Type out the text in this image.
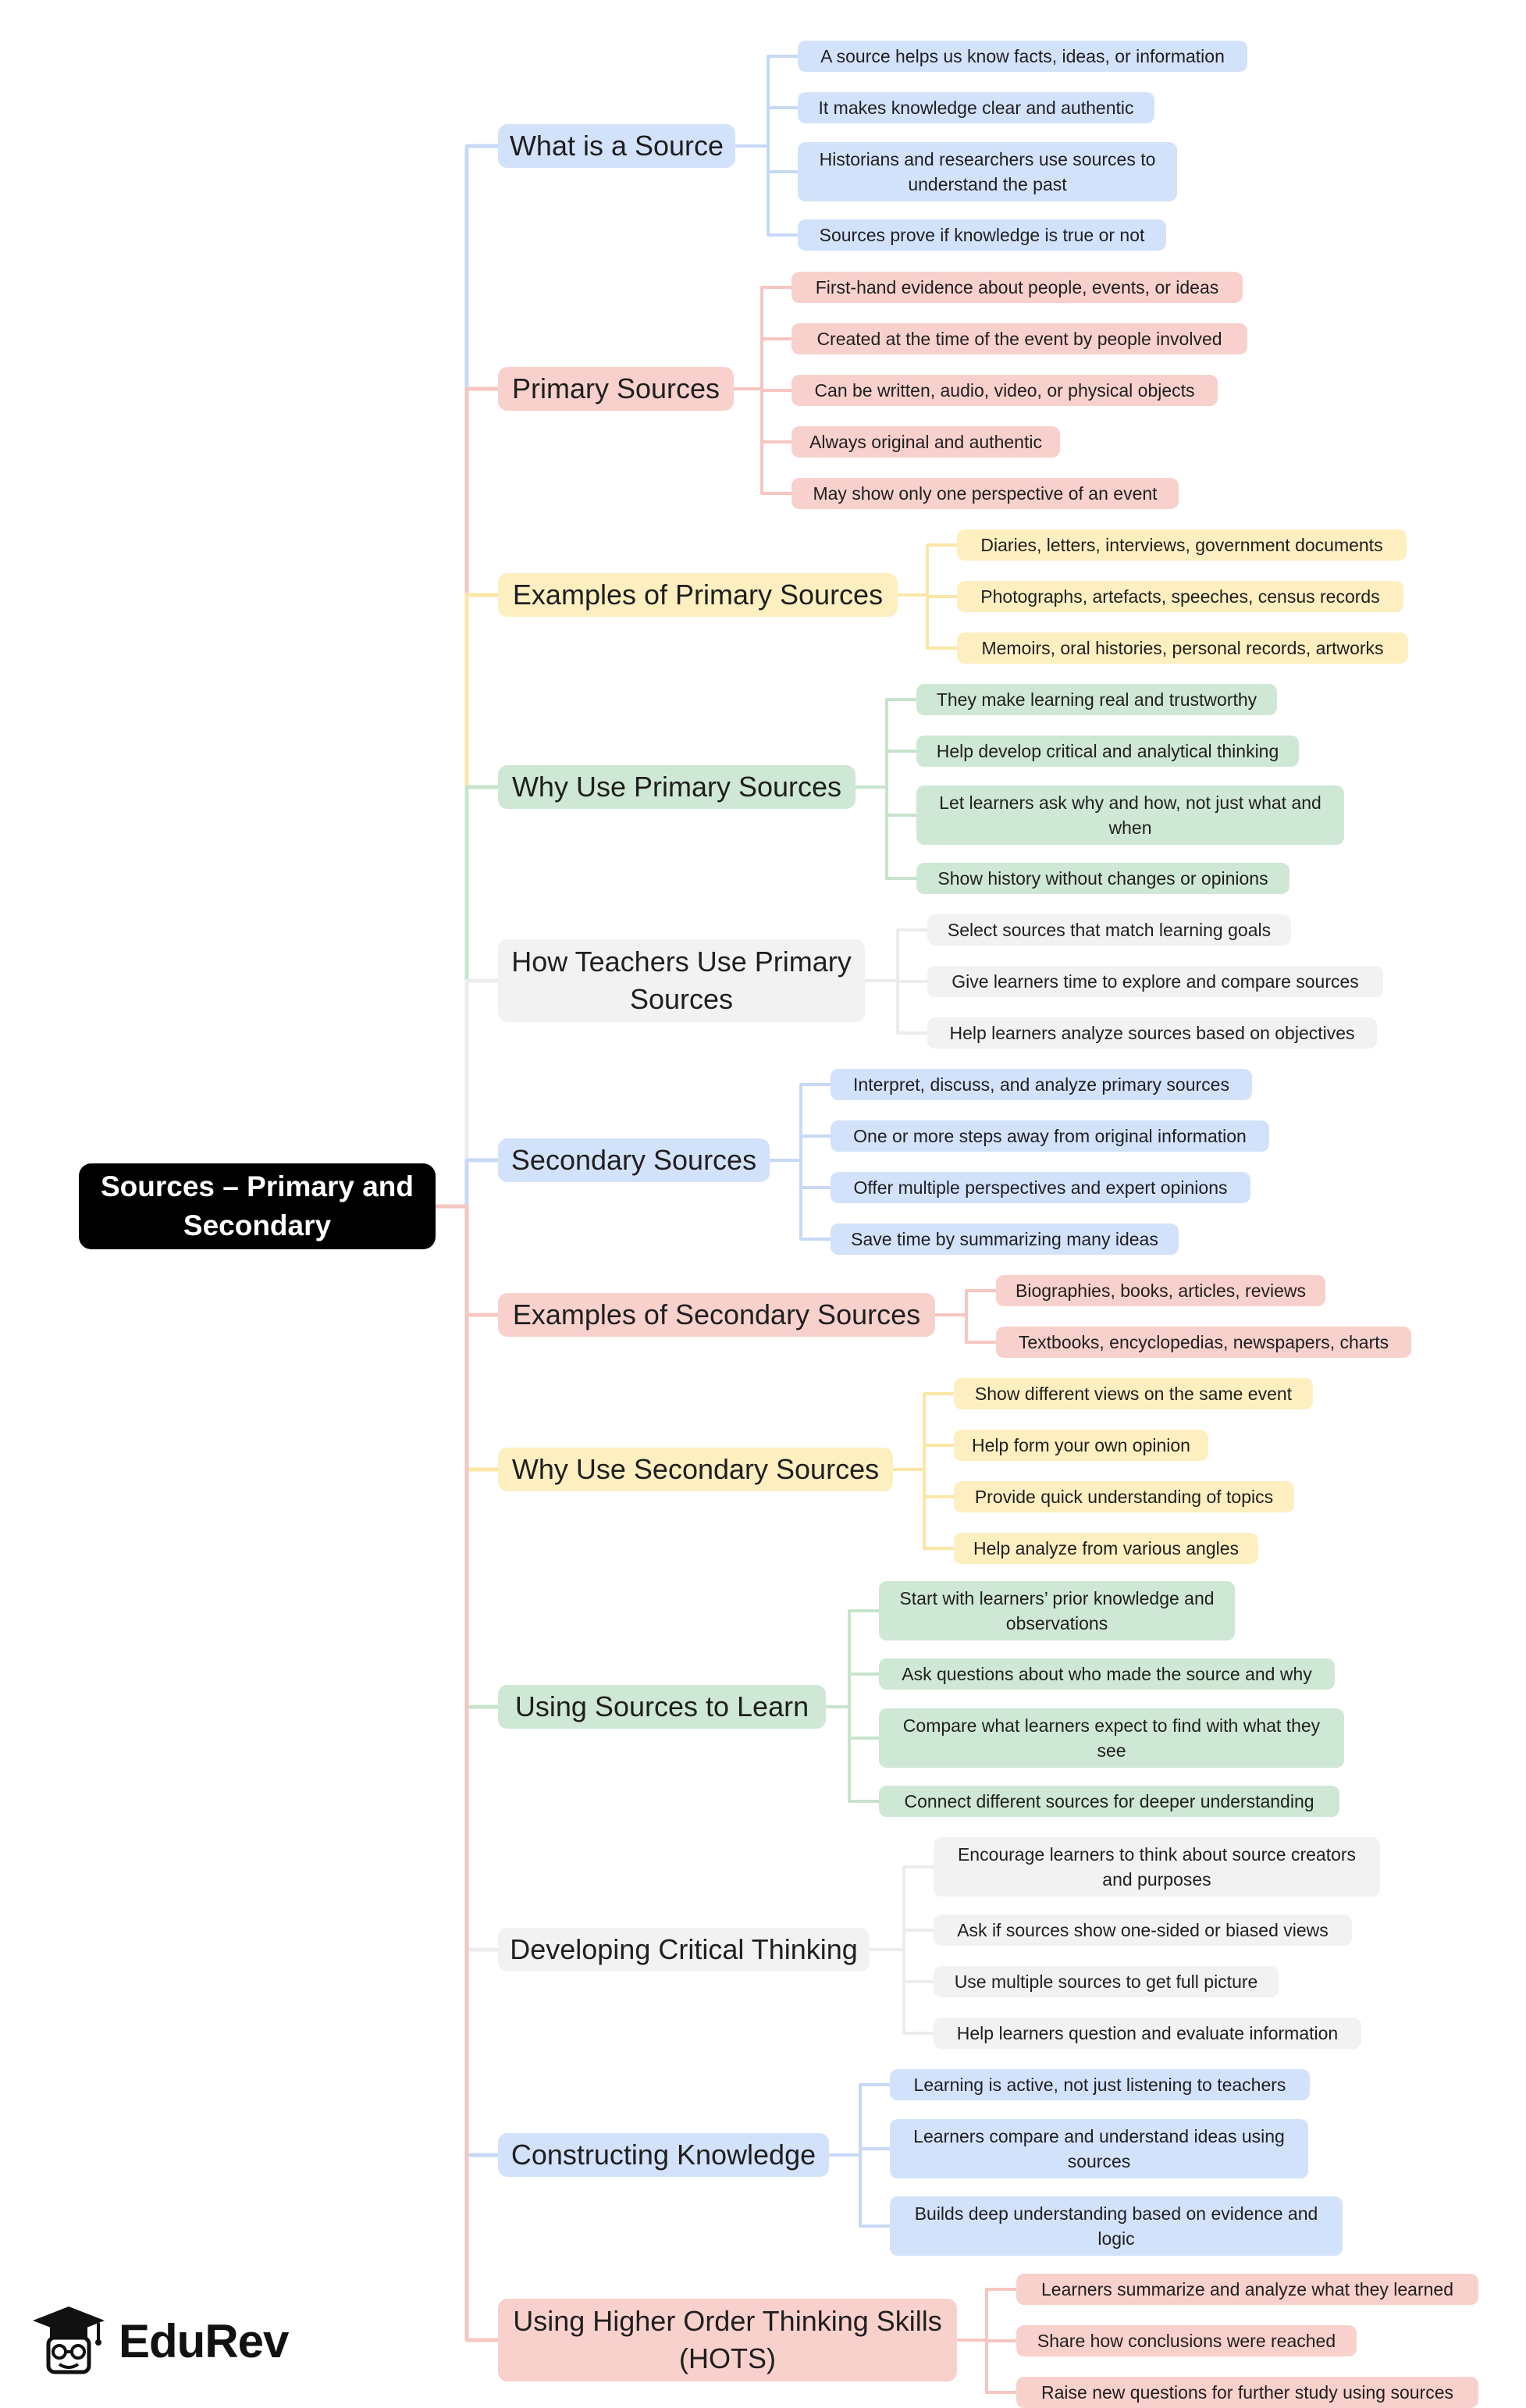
What is a Source
A source helps us know facts, ideas, or information
It makes knowledge clear and authentic
Historians and researchers use sources to understand the past
Sources prove if knowledge is true or not
Primary Sources
First-hand evidence about people, events, or ideas
Created at the time of the event by people involved
Can be written, audio, video, or physical objects
Always original and authentic
May show only one perspective of an event
Examples of Primary Sources
Diaries, letters, interviews, government documents
Photographs, artefacts, speeches, census records
Memoirs, oral histories, personal records, artworks
Why Use Primary Sources
They make learning real and trustworthy
Help develop critical and analytical thinking
Let learners ask why and how, not just what and when
Show history without changes or opinions
How Teachers Use Primary Sources
Select sources that match learning goals
Give learners time to explore and compare sources
Help learners analyze sources based on objectives
Secondary Sources
Interpret, discuss, and analyze primary sources
One or more steps away from original information
Offer multiple perspectives and expert opinions
Save time by summarizing many ideas
Examples of Secondary Sources
Biographies, books, articles, reviews
Textbooks, encyclopedias, newspapers, charts
Why Use Secondary Sources
Show different views on the same event
Help form your own opinion
Provide quick understanding of topics
Help analyze from various angles
Using Sources to Learn
Start with learners’ prior knowledge and observations
Ask questions about who made the source and why
Compare what learners expect to find with what they see
Connect different sources for deeper understanding
Developing Critical Thinking
Encourage learners to think about source creators and purposes
Ask if sources show one-sided or biased views
Use multiple sources to get full picture
Help learners question and evaluate information
Constructing Knowledge
Learning is active, not just listening to teachers
Learners compare and understand ideas using sources
Builds deep understanding based on evidence and logic
Using Higher Order Thinking Skills (HOTS)
Learners summarize and analyze what they learned
Share how conclusions were reached
Raise new questions for further study using sources
Sources – Primary and Secondary
EduRev
